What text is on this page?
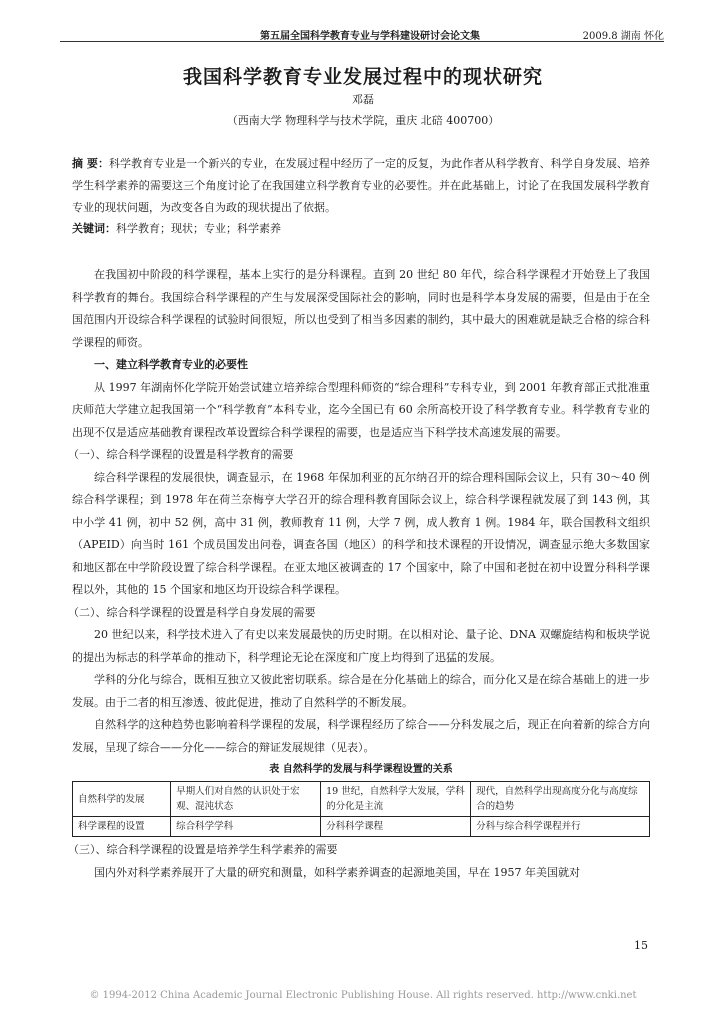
第五届全国科学教育专业与学科建设研讨会论文集	2009.8 湖南 怀化
我国科学教育专业发展过程中的现状研究
邓磊
（西南大学 物理科学与技术学院，重庆 北碚 400700）

摘 要：科学教育专业是一个新兴的专业，在发展过程中经历了一定的反复，为此作者从科学教育、科学自身发展、培养学生科学素养的需要这三个角度讨论了在我国建立科学教育专业的必要性。并在此基础上，讨论了在我国发展科学教育专业的现状问题，为改变各自为政的现状提出了依据。

关键词：科学教育；现状；专业；科学素养

在我国初中阶段的科学课程，基本上实行的是分科课程。直到 20 世纪 80 年代，综合科学课程才开始登上了我国科学教育的舞台。我国综合科学课程的产生与发展深受国际社会的影响，同时也是科学本身发展的需要，但是由于在全国范围内开设综合科学课程的试验时间很短，所以也受到了相当多因素的制约，其中最大的困难就是缺乏合格的综合科学课程的师资。

一、建立科学教育专业的必要性

从 1997 年湖南怀化学院开始尝试建立培养综合型理科师资的“综合理科”专科专业，到 2001 年教育部正式批准重庆师范大学建立起我国第一个“科学教育”本科专业，迄今全国已有 60 余所高校开设了科学教育专业。科学教育专业的出现不仅是适应基础教育课程改革设置综合科学课程的需要，也是适应当下科学技术高速发展的需要。

（一）、综合科学课程的设置是科学教育的需要

综合科学课程的发展很快，调查显示，在 1968 年保加利亚的瓦尔纳召开的综合理科国际会议上，只有 30～40 例综合科学课程；到 1978 年在荷兰奈梅亨大学召开的综合理科教育国际会议上，综合科学课程就发展了到 143 例，其中小学 41 例，初中 52 例，高中 31 例，教师教育 11 例，大学 7 例，成人教育 1 例。1984 年，联合国教科文组织（APEID）向当时 161 个成员国发出问卷，调查各国（地区）的科学和技术课程的开设情况，调查显示绝大多数国家和地区都在中学阶段设置了综合科学课程。在亚太地区被调查的 17 个国家中，除了中国和老挝在初中设置分科科学课程以外，其他的 15 个国家和地区均开设综合科学课程。

（二）、综合科学课程的设置是科学自身发展的需要

20 世纪以来，科学技术进入了有史以来发展最快的历史时期。在以相对论、量子论、DNA 双螺旋结构和板块学说的提出为标志的科学革命的推动下，科学理论无论在深度和广度上均得到了迅猛的发展。

学科的分化与综合，既相互独立又彼此密切联系。综合是在分化基础上的综合，而分化又是在综合基础上的进一步发展。由于二者的相互渗透、彼此促进，推动了自然科学的不断发展。

自然科学的这种趋势也影响着科学课程的发展，科学课程经历了综合——分科发展之后，现正在向着新的综合方向发展，呈现了综合——分化——综合的辩证发展规律（见表）。

表 自然科学的发展与科学课程设置的关系

自然科学的发展	早期人们对自然的认识处于宏观、混沌状态	19 世纪，自然科学大发展，学科的分化是主流	现代，自然科学出现高度分化与高度综合的趋势
科学课程的设置	综合科学学科	分科科学课程	分科与综合科学课程并行
（三）、综合科学课程的设置是培养学生科学素养的需要

国内外对科学素养展开了大量的研究和测量，如科学素养调查的起源地美国，早在 1957 年美国就对

15
© 1994-2012 China Academic Journal Electronic Publishing House. All rights reserved. http://www.cnki.net
